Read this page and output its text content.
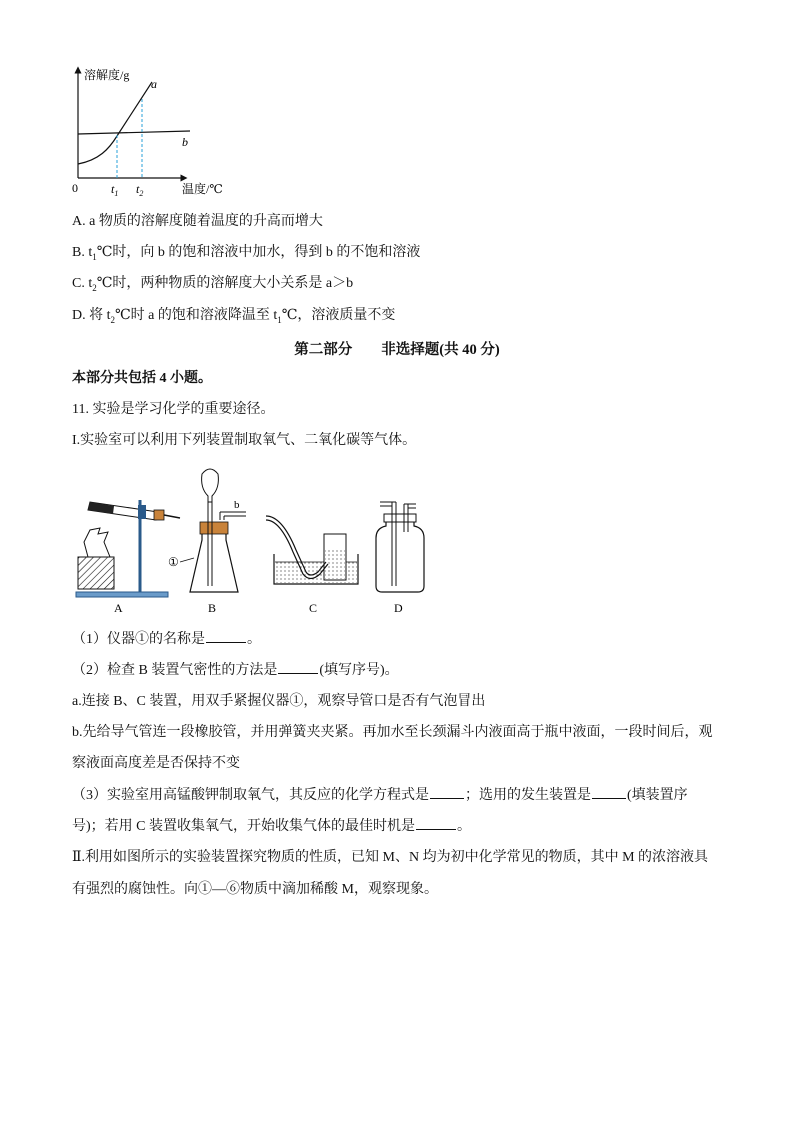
溶解度/g
a
b
0	$t_1$ $t_2$	温度/℃
A. a 物质的溶解度随着温度的升高而增大
B. $t_1℃$时，向 b 的饱和溶液中加水，得到 b 的不饱和溶液
C. $t_2℃$时，两种物质的溶解度大小关系是 a＞b
D. 将 $t_2℃$时 a 的饱和溶液降温至 $t_1℃$，溶液质量不变
第二部分　　非选择题(共 40 分)
本部分共包括 4 小题。
11. 实验是学习化学的重要途径。
I.实验室可以利用下列装置制取氧气、二氧化碳等气体。
b
①
A	B	C	D
（1）仪器①的名称是	。
（2）检查 B 装置气密性的方法是	(填写序号)。
a.连接 B、C 装置，用双手紧握仪器①，观察导管口是否有气泡冒出
b.先给导气管连一段橡胶管，并用弹簧夹夹紧。再加水至长颈漏斗内液面高于瓶中液面，一段时间后，观
察液面高度差是否保持不变
（3）实验室用高锰酸钾制取氧气，其反应的化学方程式是	；选用的发生装置是	(填装置序
号)；若用 C 装置收集氧气，开始收集气体的最佳时机是	。
Ⅱ.利用如图所示的实验装置探究物质的性质，已知 M、N 均为初中化学常见的物质，其中 M 的浓溶液具
有强烈的腐蚀性。向①—⑥物质中滴加稀酸 M，观察现象。
